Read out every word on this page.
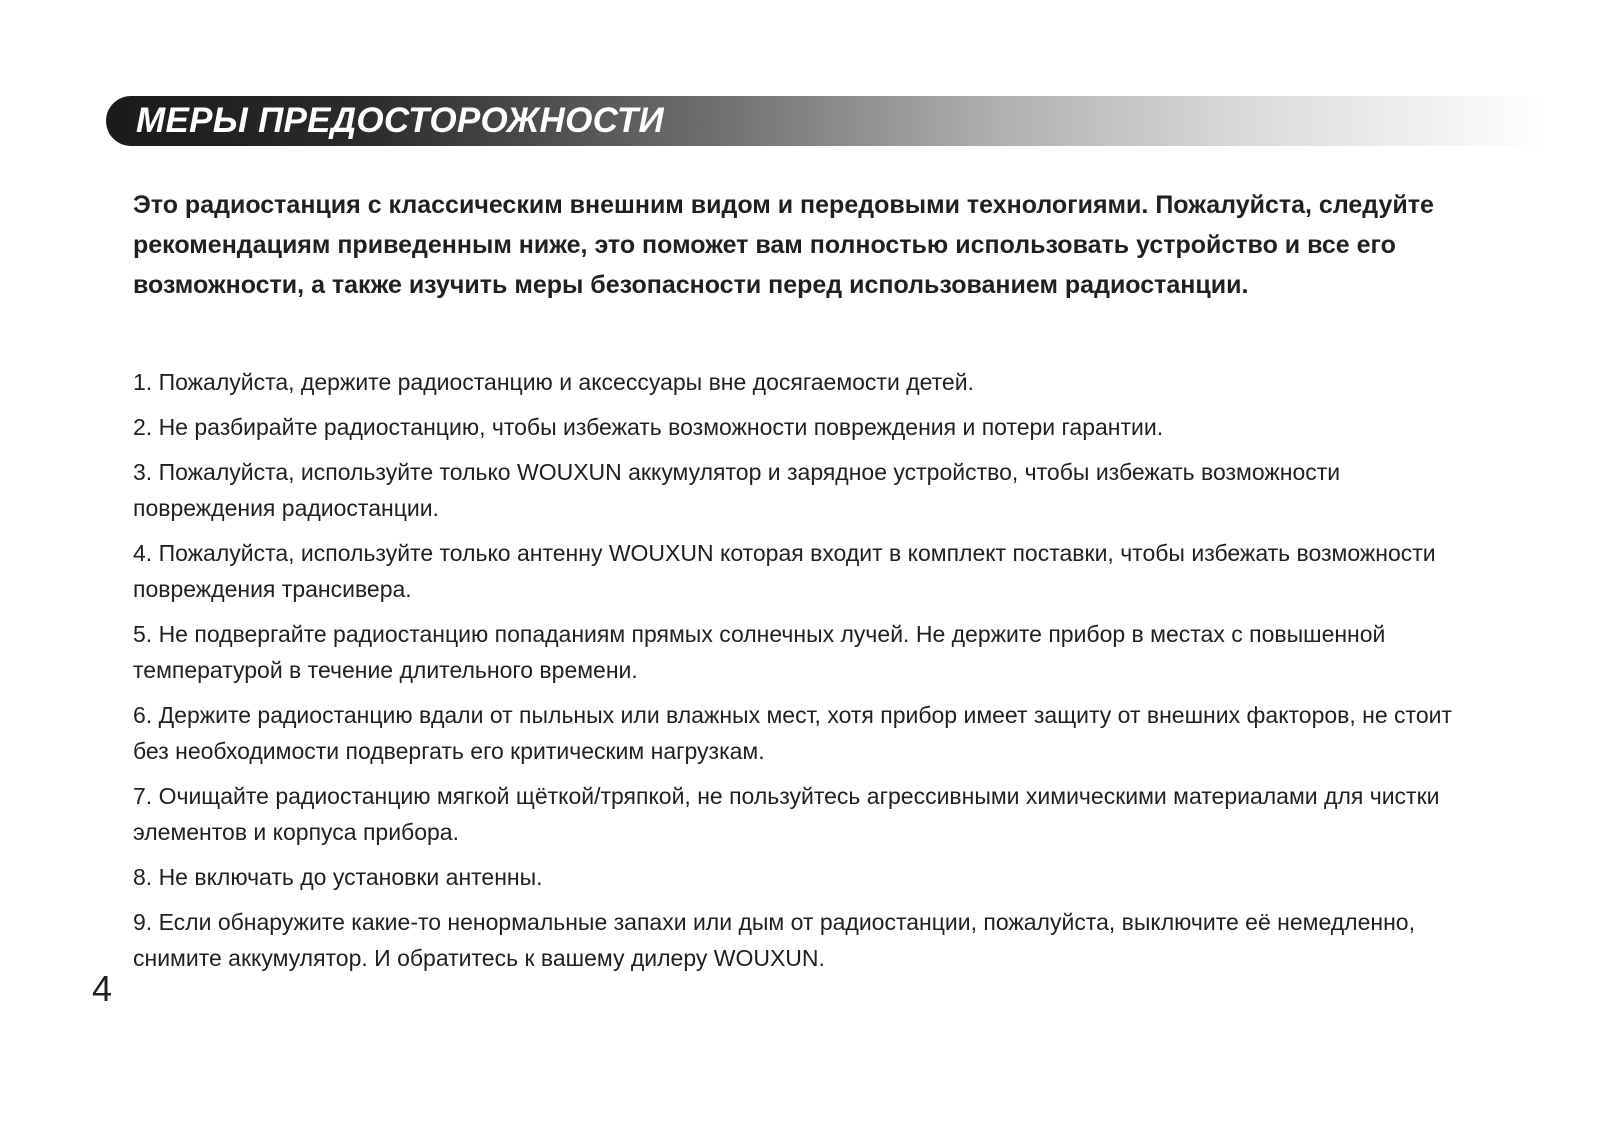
МЕРЫ ПРЕДОСТОРОЖНОСТИ

Это радиостанция с классическим внешним видом и передовыми технологиями. Пожалуйста, следуйте рекомендациям приведенным ниже, это поможет вам полностью использовать устройство и все его возможности, а также изучить меры безопасности перед использованием радиостанции.

1. Пожалуйста, держите радиостанцию и аксессуары вне досягаемости детей.
2. Не разбирайте радиостанцию, чтобы избежать возможности повреждения и потери гарантии.
3. Пожалуйста, используйте только WOUXUN аккумулятор и зарядное устройство, чтобы избежать возможности повреждения радиостанции.
4. Пожалуйста, используйте только антенну WOUXUN которая входит в комплект поставки, чтобы избежать возможности повреждения трансивера.
5. Не подвергайте радиостанцию попаданиям прямых солнечных лучей. Не держите прибор в местах с повышенной температурой в течение длительного времени.
6. Держите радиостанцию вдали от пыльных или влажных мест, хотя прибор имеет защиту от внешних факторов, не стоит без необходимости подвергать его критическим нагрузкам.
7. Очищайте радиостанцию мягкой щёткой/тряпкой, не пользуйтесь агрессивными химическими материалами для чистки элементов и корпуса прибора.
8. Не включать до установки антенны.
9. Если обнаружите какие-то ненормальные запахи или дым от радиостанции, пожалуйста, выключите её немедленно, снимите аккумулятор. И обратитесь к вашему дилеру WOUXUN.
4
